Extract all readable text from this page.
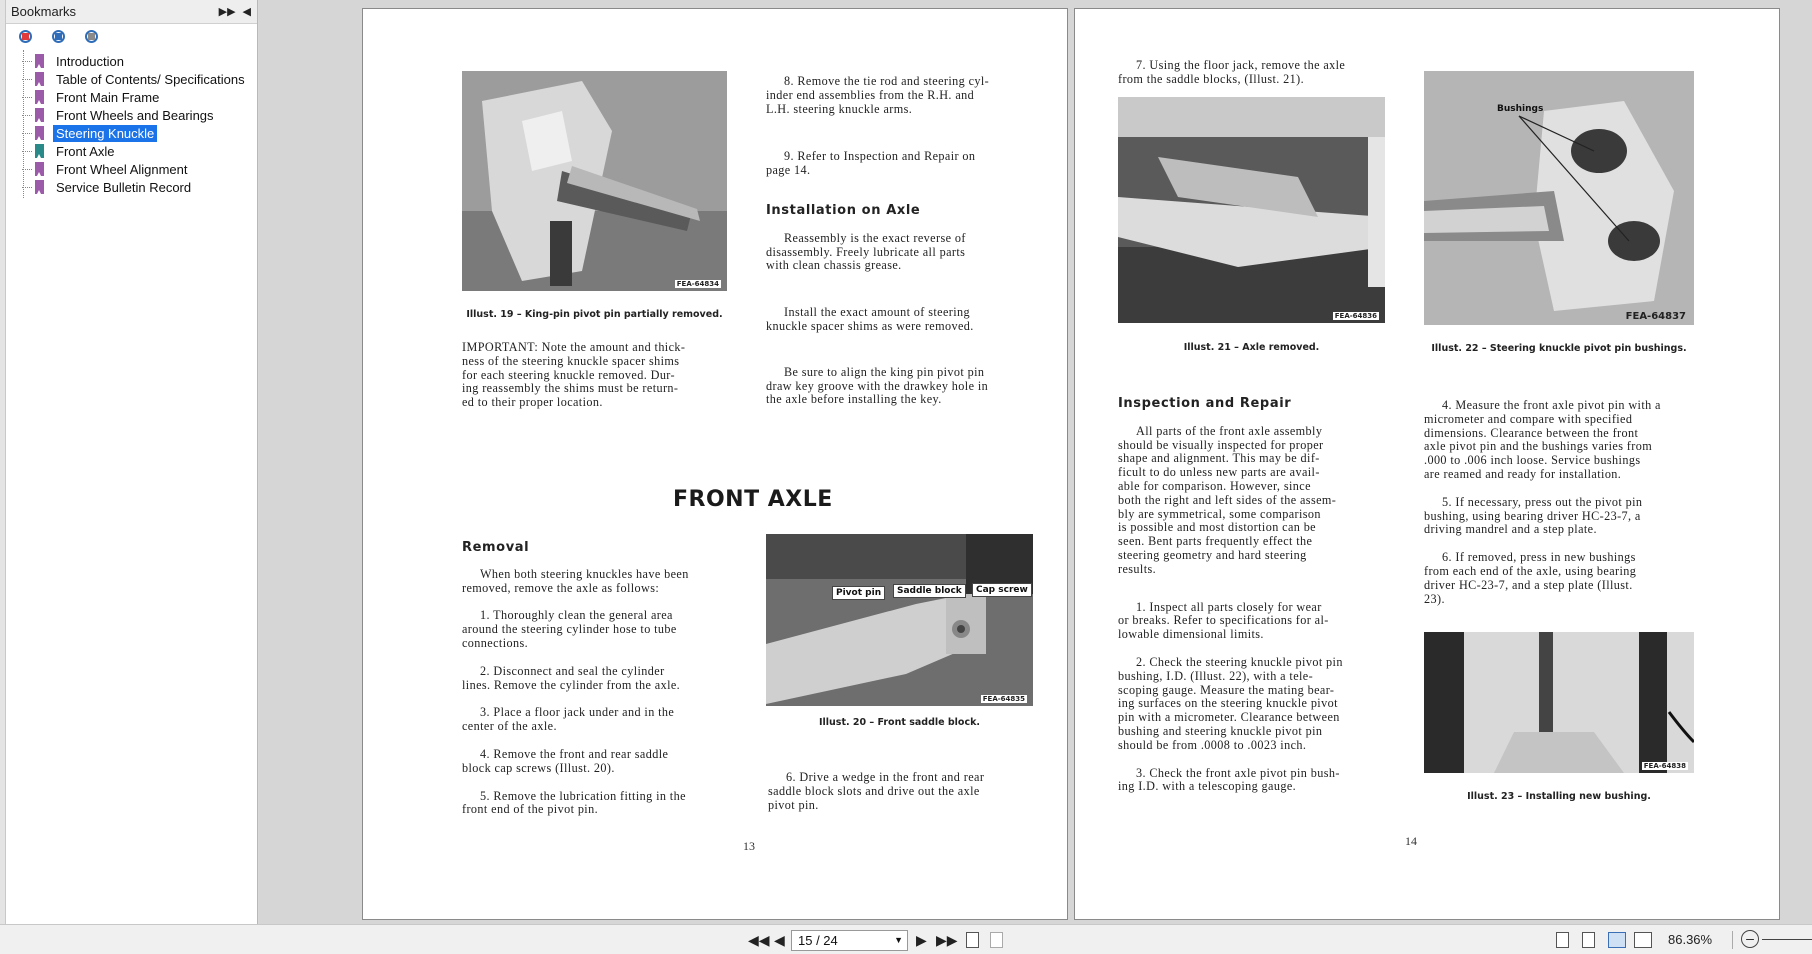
Bookmarks	▶▶ ◀
Introduction
Table of Contents/ Specifications
Front Main Frame
Front Wheels and Bearings
Steering Knuckle
Front Axle
Front Wheel Alignment
Service Bulletin Record
FEA-64834
Illust. 19 – King-pin pivot pin partially removed.

IMPORTANT: Note the amount and thick-
ness of the steering knuckle spacer shims
for each steering knuckle removed. Dur-
ing reassembly the shims must be return-
ed to their proper location.

8. Remove the tie rod and steering cyl-
inder end assemblies from the R.H. and
L.H. steering knuckle arms.

9. Refer to Inspection and Repair on
page 14.

Installation on Axle

Reassembly is the exact reverse of
disassembly. Freely lubricate all parts
with clean chassis grease.

Install the exact amount of steering
knuckle spacer shims as were removed.

Be sure to align the king pin pivot pin
draw key groove with the drawkey hole in
the axle before installing the key.

FRONT AXLE
Removal

When both steering knuckles have been
removed, remove the axle as follows:

1. Thoroughly clean the general area
around the steering cylinder hose to tube
connections.

2. Disconnect and seal the cylinder
lines. Remove the cylinder from the axle.

3. Place a floor jack under and in the
center of the axle.

4. Remove the front and rear saddle
block cap screws (Illust. 20).

5. Remove the lubrication fitting in the
front end of the pivot pin.

Pivot pin	Saddle block	Cap screw
FEA-64835
Illust. 20 – Front saddle block.

6. Drive a wedge in the front and rear
saddle block slots and drive out the axle
pivot pin.

13

7. Using the floor jack, remove the axle
from the saddle blocks, (Illust. 21).

FEA-64836
Illust. 21 – Axle removed.
Bushings
FEA-64837
Illust. 22 – Steering knuckle pivot pin bushings.
Inspection and Repair

All parts of the front axle assembly
should be visually inspected for proper
shape and alignment. This may be dif-
ficult to do unless new parts are avail-
able for comparison. However, since
both the right and left sides of the assem-
bly are symmetrical, some comparison
is possible and most distortion can be
seen. Bent parts frequently effect the
steering geometry and hard steering
results.

1. Inspect all parts closely for wear
or breaks. Refer to specifications for al-
lowable dimensional limits.

2. Check the steering knuckle pivot pin
bushing, I.D. (Illust. 22), with a tele-
scoping gauge. Measure the mating bear-
ing surfaces on the steering knuckle pivot
pin with a micrometer. Clearance between
bushing and steering knuckle pivot pin
should be from .0008 to .0023 inch.

3. Check the front axle pivot pin bush-
ing I.D. with a telescoping gauge.

4. Measure the front axle pivot pin with a
micrometer and compare with specified
dimensions. Clearance between the front
axle pivot pin and the bushings varies from
.000 to .006 inch loose. Service bushings
are reamed and ready for installation.

5. If necessary, press out the pivot pin
bushing, using bearing driver HC-23-7, a
driving mandrel and a step plate.

6. If removed, press in new bushings
from each end of the axle, using bearing
driver HC-23-7, and a step plate (Illust.
23).

FEA-64838
Illust. 23 – Installing new bushing.
14
◀◀ ◀	15 / 24	▼ ▶ ▶▶	86.36%	–
